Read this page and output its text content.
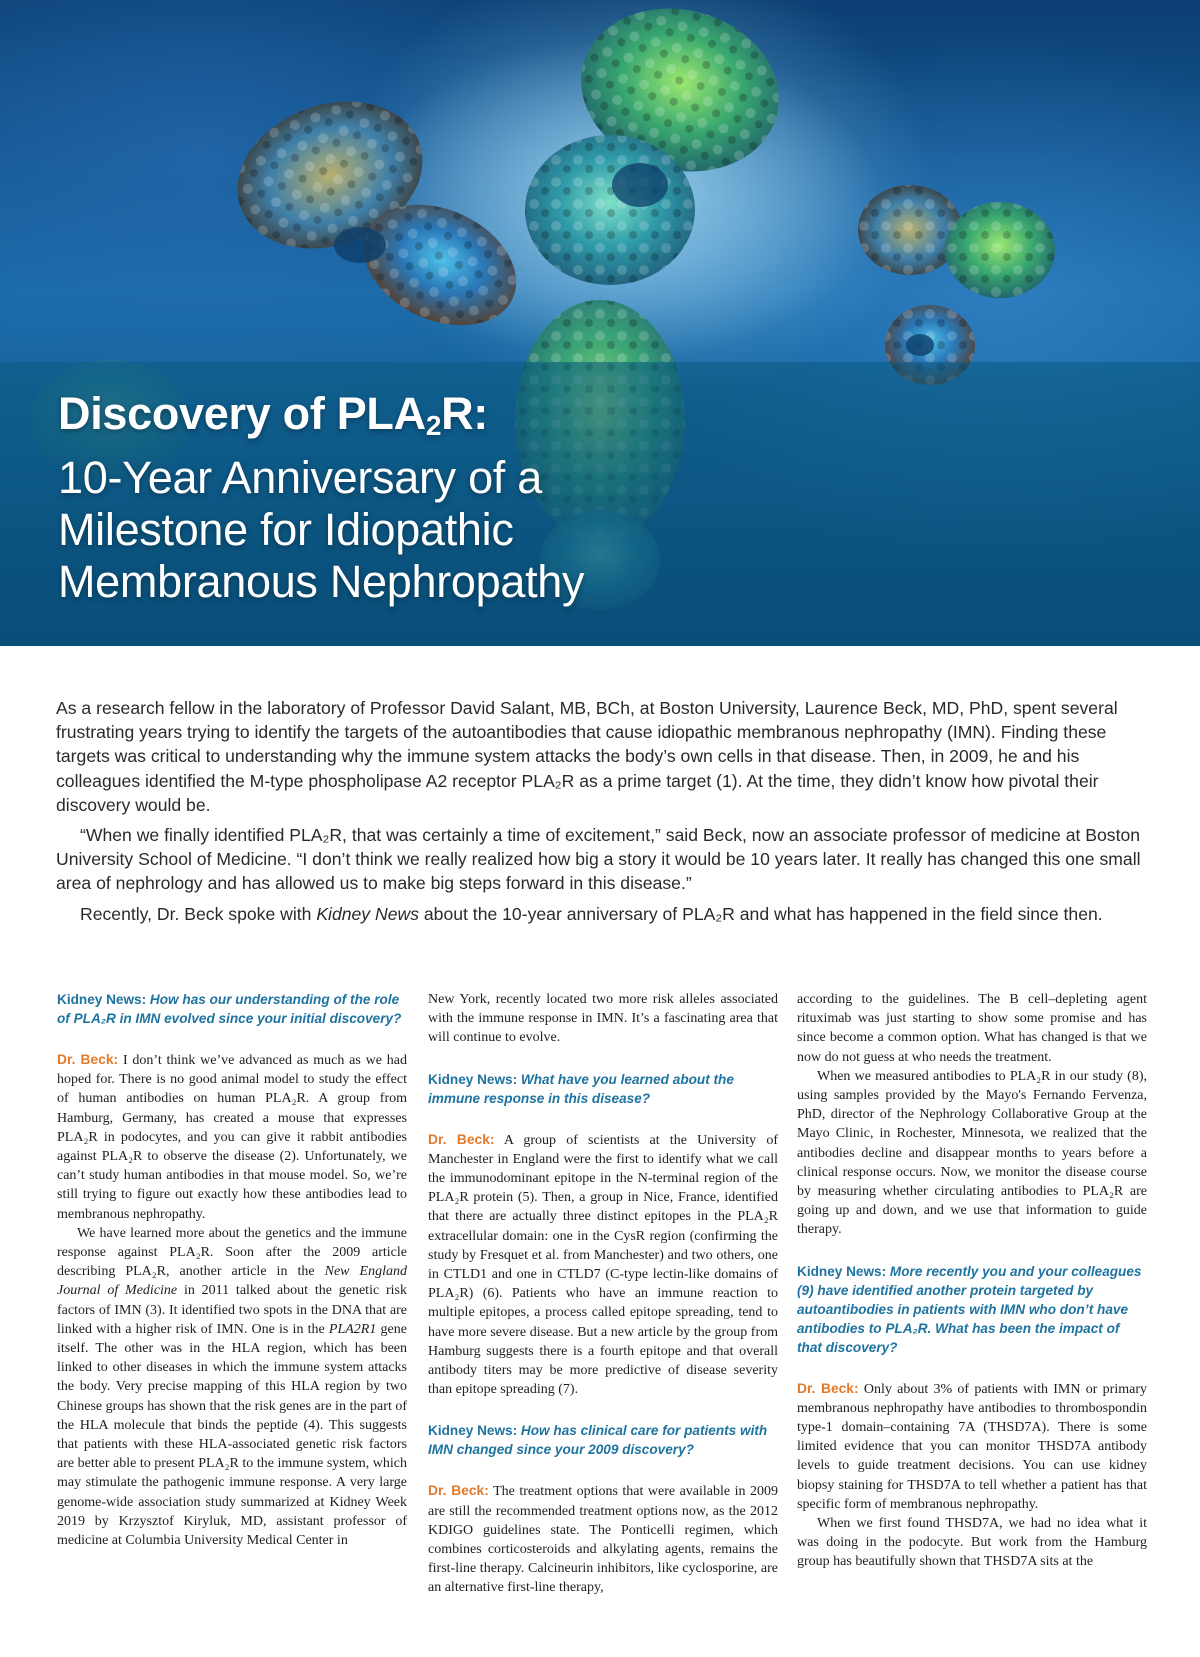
Discovery of $PLA_2R$:
10-Year Anniversary of a
Milestone for Idiopathic
Membranous Nephropathy

As a research fellow in the laboratory of Professor David Salant, MB, BCh, at Boston University, Laurence Beck, MD, PhD, spent several frustrating years trying to identify the targets of the autoantibodies that cause idiopathic membranous nephropathy (IMN). Finding these targets was critical to understanding why the immune system attacks the body’s own cells in that disease. Then, in 2009, he and his colleagues identified the M-type phospholipase A2 receptor PLA₂R as a prime target (1). At the time, they didn’t know how pivotal their discovery would be.

“When we finally identified PLA₂R, that was certainly a time of excitement,” said Beck, now an associate professor of medicine at Boston University School of Medicine. “I don’t think we really realized how big a story it would be 10 years later. It really has changed this one small area of nephrology and has allowed us to make big steps forward in this disease.”

Recently, Dr. Beck spoke with Kidney News about the 10-year anniversary of PLA₂R and what has happened in the field since then.

Kidney News: How has our understanding of the role of PLA₂R in IMN evolved since your initial discovery?

Dr. Beck: I don’t think we’ve advanced as much as we had hoped for. There is no good animal model to study the effect of human antibodies on human PLA₂R. A group from Hamburg, Germany, has created a mouse that expresses PLA₂R in podocytes, and you can give it rabbit antibodies against PLA₂R to observe the disease (2). Unfortunately, we can’t study human antibodies in that mouse model. So, we’re still trying to figure out exactly how these antibodies lead to membranous nephropathy.

We have learned more about the genetics and the immune response against PLA₂R. Soon after the 2009 article describing PLA₂R, another article in the New England Journal of Medicine in 2011 talked about the genetic risk factors of IMN (3). It identified two spots in the DNA that are linked with a higher risk of IMN. One is in the PLA2R1 gene itself. The other was in the HLA region, which has been linked to other diseases in which the immune system attacks the body. Very precise mapping of this HLA region by two Chinese groups has shown that the risk genes are in the part of the HLA molecule that binds the peptide (4). This suggests that patients with these HLA-associated genetic risk factors are better able to present PLA₂R to the immune system, which may stimulate the pathogenic immune response. A very large genome-wide association study summarized at Kidney Week 2019 by Krzysztof Kiryluk, MD, assistant professor of medicine at Columbia University Medical Center in

New York, recently located two more risk alleles associated with the immune response in IMN. It’s a fascinating area that will continue to evolve.

Kidney News: What have you learned about the immune response in this disease?

Dr. Beck: A group of scientists at the University of Manchester in England were the first to identify what we call the immunodominant epitope in the N-terminal region of the PLA₂R protein (5). Then, a group in Nice, France, identified that there are actually three distinct epitopes in the PLA₂R extracellular domain: one in the CysR region (confirming the study by Fresquet et al. from Manchester) and two others, one in CTLD1 and one in CTLD7 (C-type lectin-like domains of PLA₂R) (6). Patients who have an immune reaction to multiple epitopes, a process called epitope spreading, tend to have more severe disease. But a new article by the group from Hamburg suggests there is a fourth epitope and that overall antibody titers may be more predictive of disease severity than epitope spreading (7).

Kidney News: How has clinical care for patients with IMN changed since your 2009 discovery?

Dr. Beck: The treatment options that were available in 2009 are still the recommended treatment options now, as the 2012 KDIGO guidelines state. The Ponticelli regimen, which combines corticosteroids and alkylating agents, remains the first-line therapy. Calcineurin inhibitors, like cyclosporine, are an alternative first-line therapy,

according to the guidelines. The B cell–depleting agent rituximab was just starting to show some promise and has since become a common option. What has changed is that we now do not guess at who needs the treatment.

When we measured antibodies to PLA₂R in our study (8), using samples provided by the Mayo's Fernando Fervenza, PhD, director of the Nephrology Collaborative Group at the Mayo Clinic, in Rochester, Minnesota, we realized that the antibodies decline and disappear months to years before a clinical response occurs. Now, we monitor the disease course by measuring whether circulating antibodies to PLA₂R are going up and down, and we use that information to guide therapy.

Kidney News: More recently you and your colleagues (9) have identified another protein targeted by autoantibodies in patients with IMN who don’t have antibodies to PLA₂R. What has been the impact of that discovery?

Dr. Beck: Only about 3% of patients with IMN or primary membranous nephropathy have antibodies to thrombospondin type-1 domain–containing 7A (THSD7A). There is some limited evidence that you can monitor THSD7A antibody levels to guide treatment decisions. You can use kidney biopsy staining for THSD7A to tell whether a patient has that specific form of membranous nephropathy.

When we first found THSD7A, we had no idea what it was doing in the podocyte. But work from the Hamburg group has beautifully shown that THSD7A sits at the
